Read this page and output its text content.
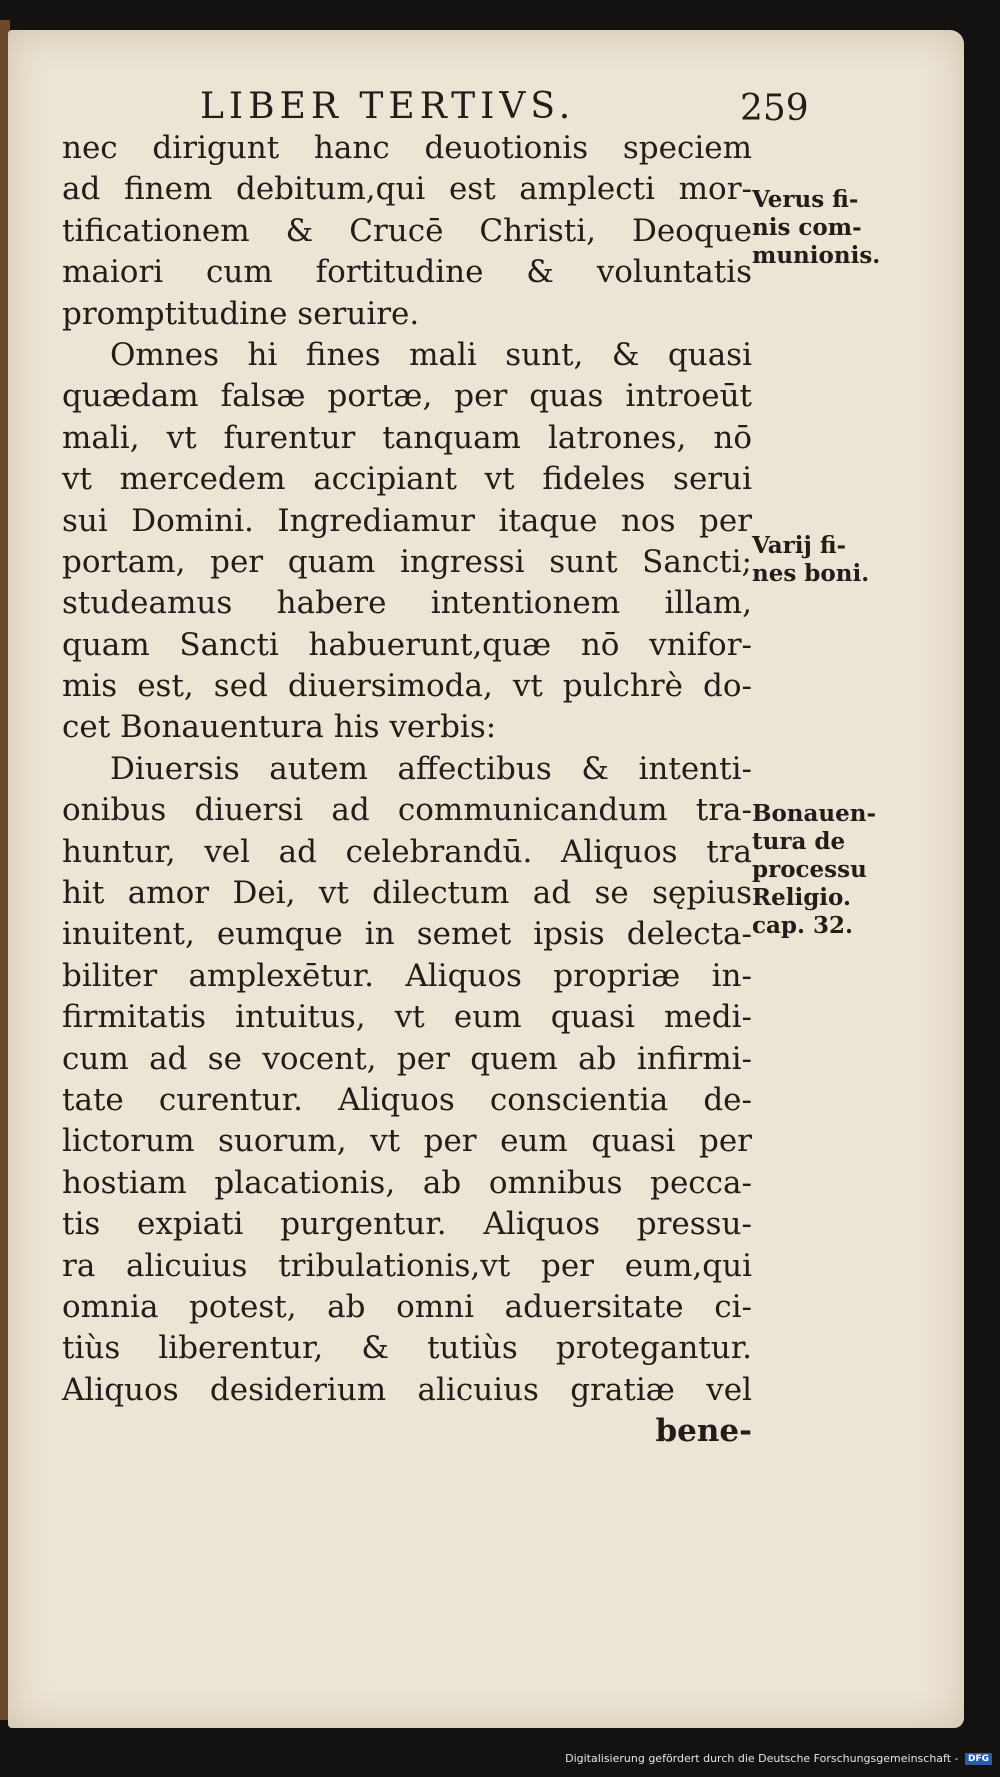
LIBER TERTIVS.	259
nec dirigunt hanc deuotionis speciem
ad finem debitum,qui est amplecti mor-
tificationem & Crucē Christi, Deoque
maiori cum fortitudine & voluntatis
promptitudine seruire.
Omnes hi fines mali sunt, & quasi
quædam falsæ portæ, per quas introeūt
mali, vt furentur tanquam latrones, nō
vt mercedem accipiant vt fideles serui
sui Domini. Ingrediamur itaque nos per
portam, per quam ingressi sunt Sancti;
studeamus habere intentionem illam,
quam Sancti habuerunt,quæ nō vnifor-
mis est, sed diuersimoda, vt pulchrè do-
cet Bonauentura his verbis:
Diuersis autem affectibus & intenti-
onibus diuersi ad communicandum tra-
huntur, vel ad celebrandū. Aliquos tra
hit amor Dei, vt dilectum ad se sępius
inuitent, eumque in semet ipsis delecta-
biliter amplexētur. Aliquos propriæ in-
firmitatis intuitus, vt eum quasi medi-
cum ad se vocent, per quem ab infirmi-
tate curentur. Aliquos conscientia de-
lictorum suorum, vt per eum quasi per
hostiam placationis, ab omnibus pecca-
tis expiati purgentur. Aliquos pressu-
ra alicuius tribulationis,vt per eum,qui
omnia potest, ab omni aduersitate ci-
tiùs liberentur, & tutiùs protegantur.
Aliquos desiderium alicuius gratiæ vel
bene-
Verus fi-
nis com-
munionis.
Varij fi-
nes boni.
Bonauen-
tura de
processu
Religio.
cap. 32.
Digitalisierung gefördert durch die Deutsche Forschungsgemeinschaft - DFG
